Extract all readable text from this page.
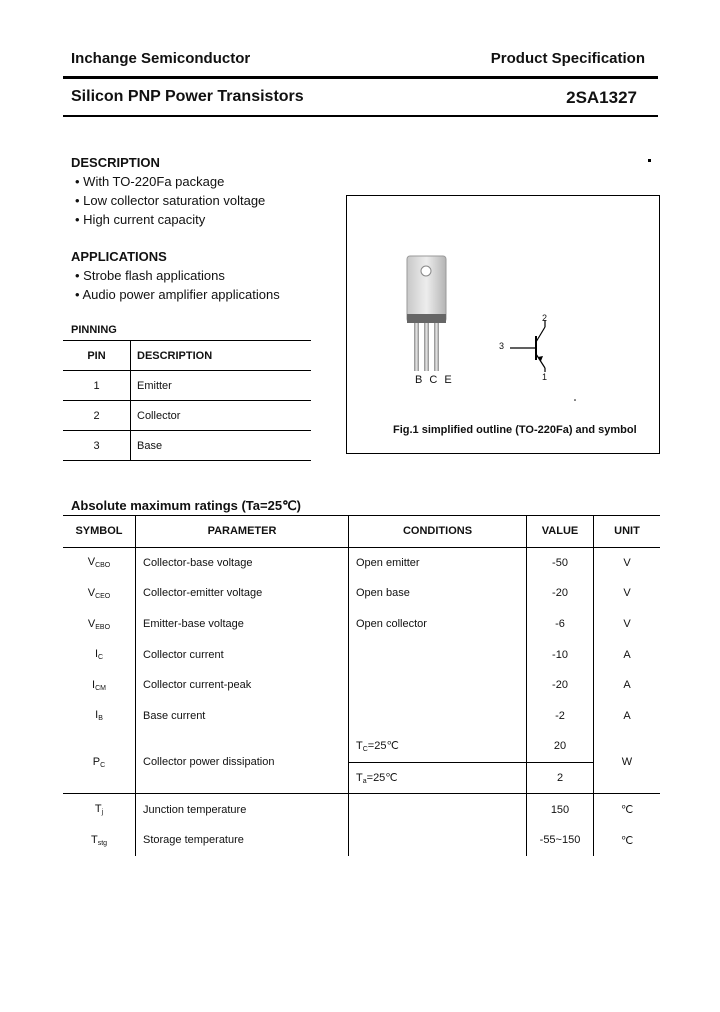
Inchange Semiconductor	Product Specification
Silicon PNP Power Transistors	2SA1327
DESCRIPTION
• With TO-220Fa package
• Low collector saturation voltage
• High current capacity
APPLICATIONS
• Strobe flash applications
• Audio power amplifier applications
PINNING
PIN	DESCRIPTION
1	Emitter
2	Collector
3	Base
B C E
2
3
1
Fig.1 simplified outline (TO-220Fa) and symbol
Absolute maximum ratings (Ta=25℃)
SYMBOL	PARAMETER	CONDITIONS	VALUE	UNIT
$V_{CBO}$	Collector-base voltage	Open emitter	-50	V
$V_{CEO}$	Collector-emitter voltage	Open base	-20	V
$V_{EBO}$	Emitter-base voltage	Open collector	-6	V
$I_C$	Collector current		-10	A
$I_{CM}$	Collector current-peak		-20	A
$I_B$	Base current		-2	A
$P_C$	Collector power dissipation	$T_C=25℃$	20	W
		$T_a=25℃$	2	
$T_j$	Junction temperature		150	℃
$T_{stg}$	Storage temperature		-55~150	℃
